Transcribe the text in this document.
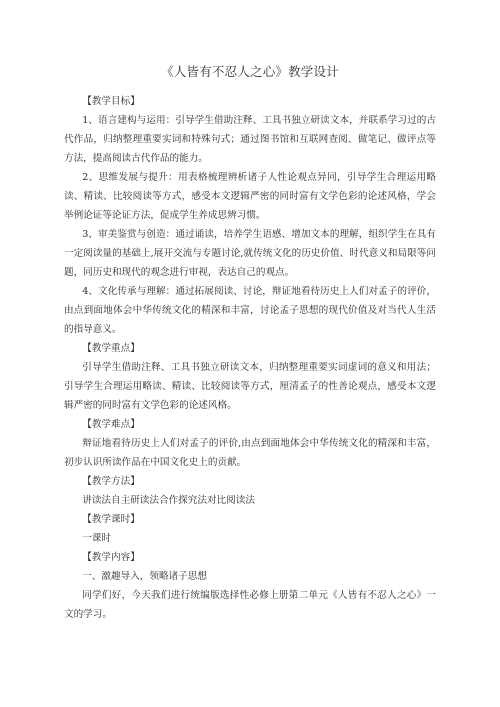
《人皆有不忍人之心》教学设计

【教学目标】

1、语言建构与运用：引导学生借助注释、工具书独立研读文本，并联系学习过的古代作品，归纳整理重要实词和特殊句式；通过图书馆和互联网查阅、做笔记、做评点等方法，提高阅读古代作品的能力。

2、思维发展与提升：用表格梳理辨析诸子人性论观点异同，引导学生合理运用略读、精读、比较阅读等方式，感受本文逻辑严密的同时富有文学色彩的论述风格，学会举例论证等论证方法，促成学生养成思辨习惯。

3、审美鉴赏与创造：通过诵读，培养学生语感、增加文本的理解，组织学生在具有一定阅读量的基础上,展开交流与专题讨论,就传统文化的历史价值、时代意义和局限等问题，同历史和现代的观念进行审视，表达自己的观点。

4、文化传承与理解：通过拓展阅读、讨论，辩证地看待历史上人们对孟子的评价，由点到面地体会中华传统文化的精深和丰富，讨论孟子思想的现代价值及对当代人生活的指导意义。

【教学重点】

引导学生借助注释、工具书独立研读文本，归纳整理重要实词虚词的意义和用法；引导学生合理运用略读、精读、比较阅读等方式，厘清孟子的性善论观点，感受本文逻辑严密的同时富有文学色彩的论述风格。

【教学难点】

辩证地看待历史上人们对孟子的评价,由点到面地体会中华传统文化的精深和丰富，初步认识所读作品在中国文化史上的贡献。

【教学方法】

讲读法自主研读法合作探究法对比阅读法

【教学课时】

一课时

【教学内容】

一、激趣导入，领略诸子思想

同学们好，今天我们进行统编版选择性必修上册第二单元《人皆有不忍人之心》一文的学习。
